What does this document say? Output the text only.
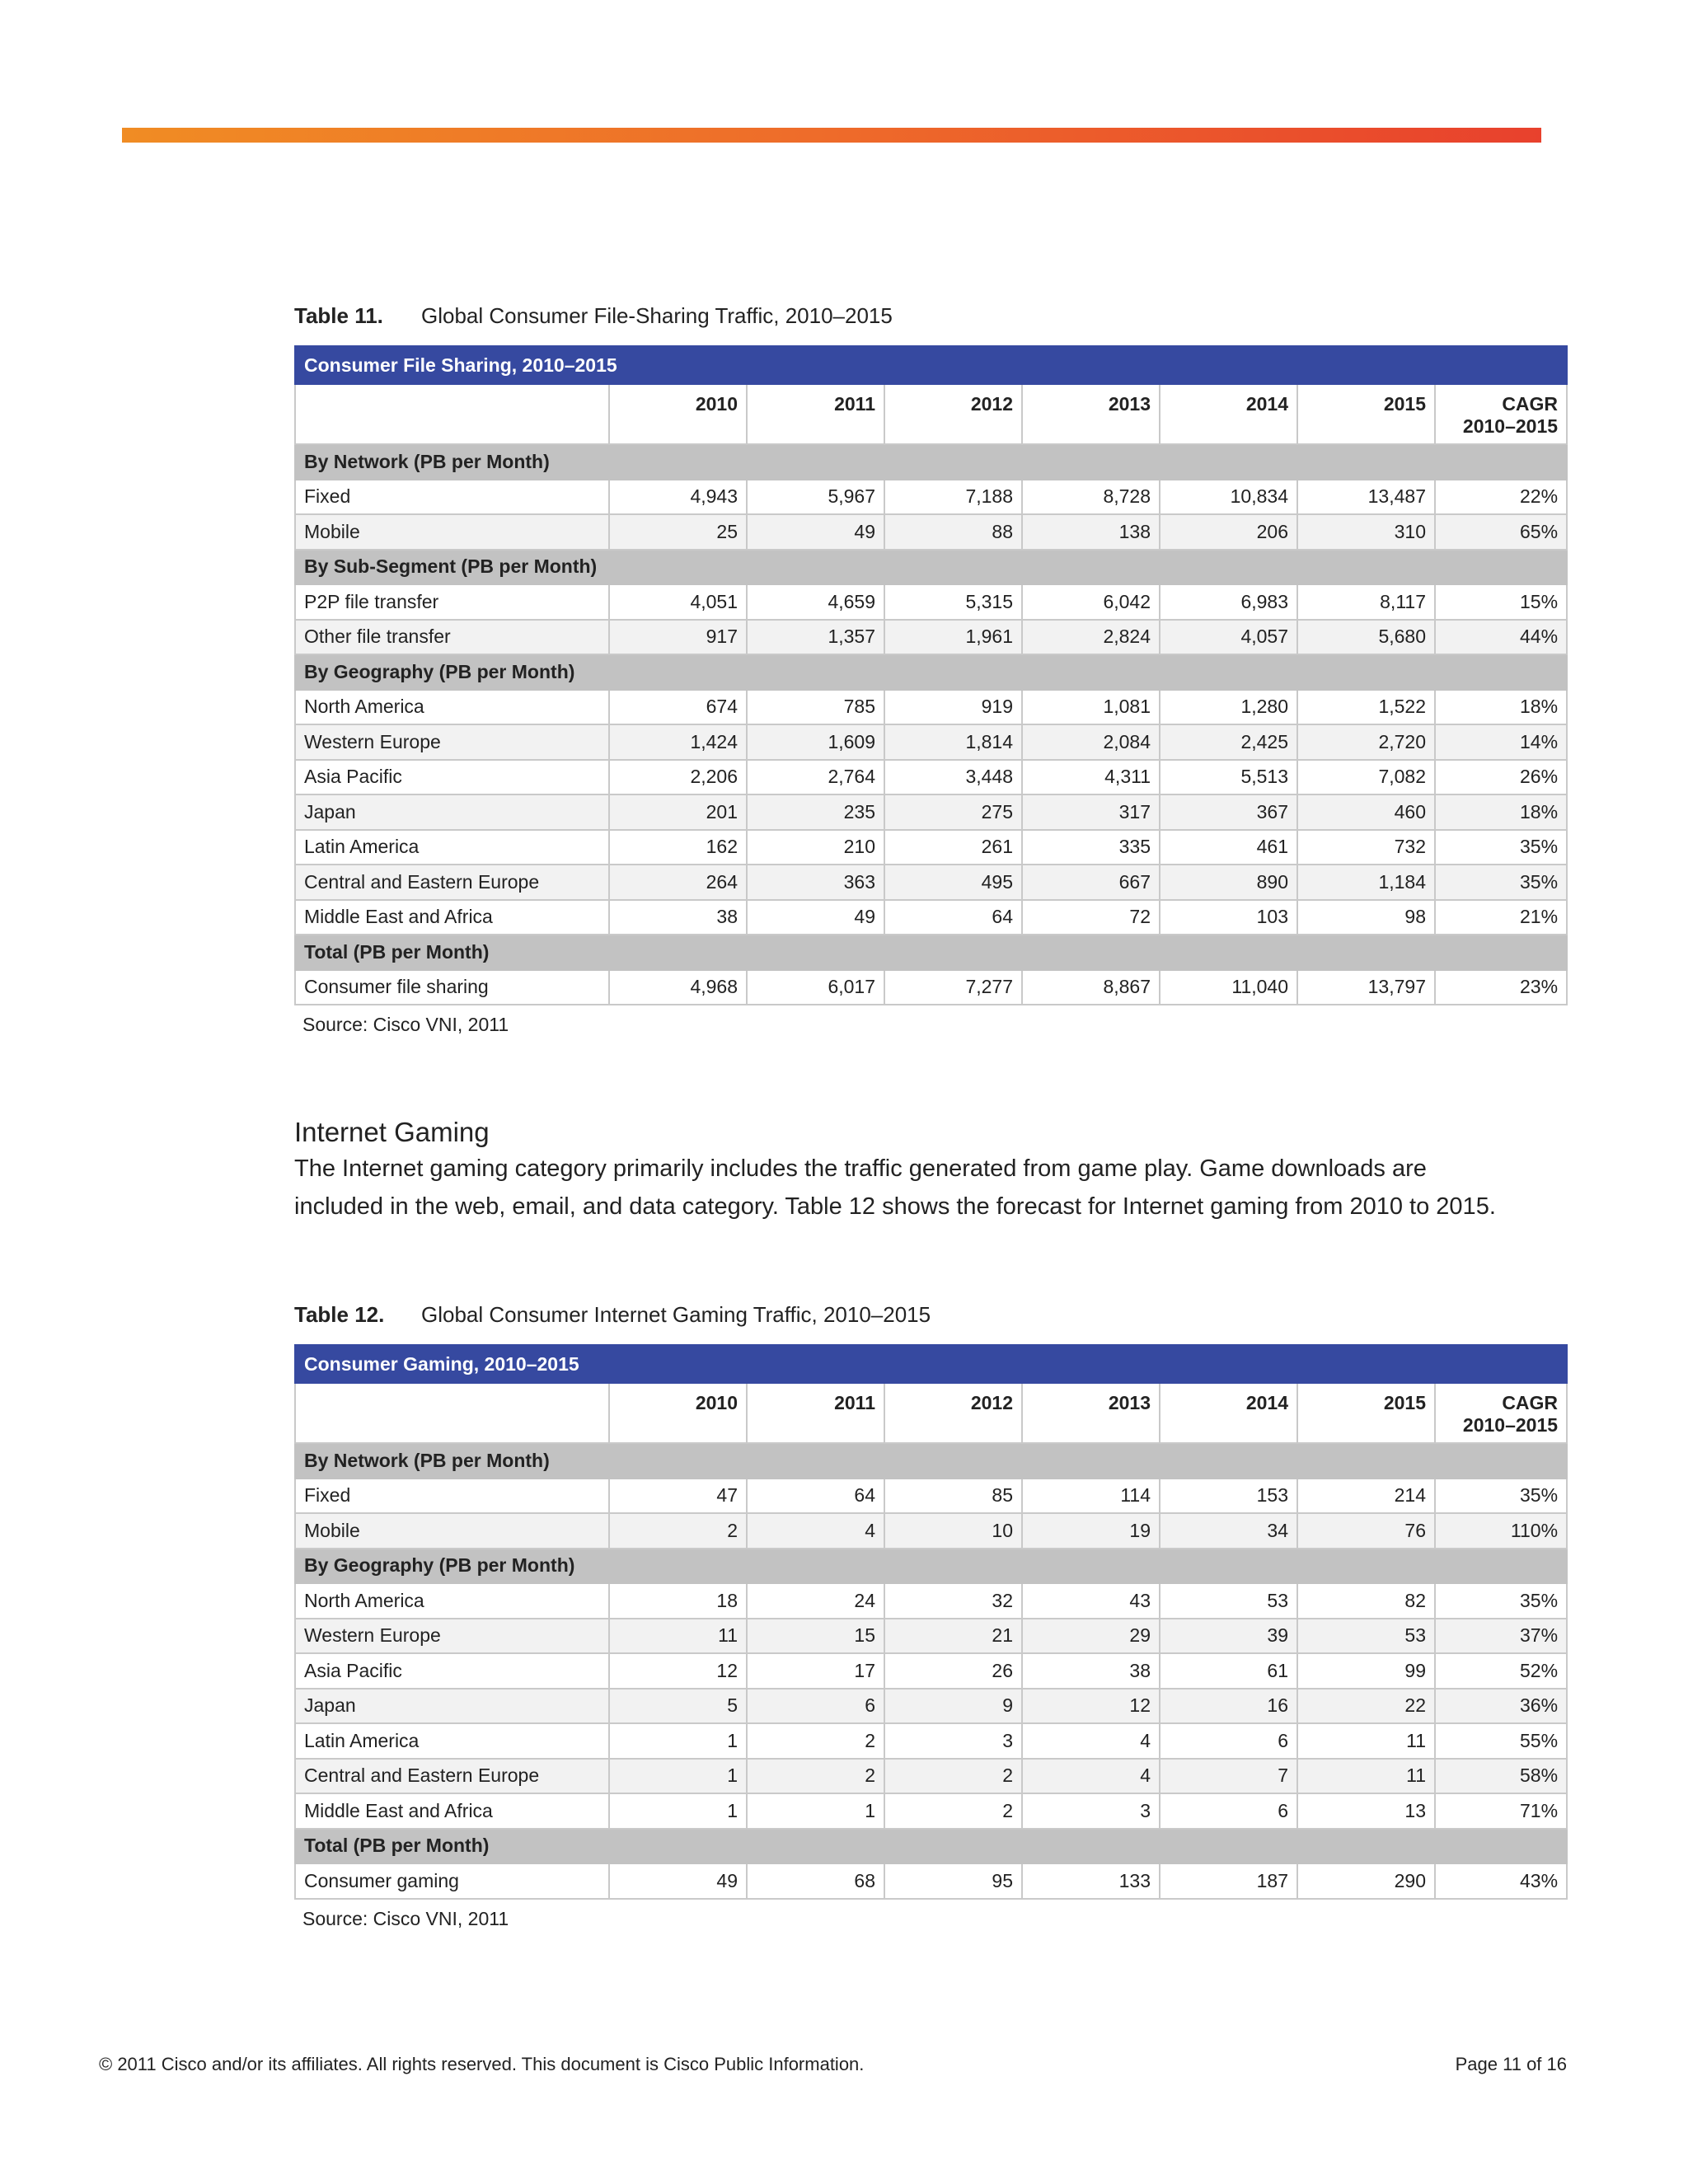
Table 11.	Global Consumer File-Sharing Traffic, 2010–2015
Consumer File Sharing, 2010–2015							
	2010	2011	2012	2013	2014	2015	CAGR
2010–2015
By Network (PB per Month)							
Fixed	4,943	5,967	7,188	8,728	10,834	13,487	22%
Mobile	25	49	88	138	206	310	65%
By Sub-Segment (PB per Month)							
P2P file transfer	4,051	4,659	5,315	6,042	6,983	8,117	15%
Other file transfer	917	1,357	1,961	2,824	4,057	5,680	44%
By Geography (PB per Month)							
North America	674	785	919	1,081	1,280	1,522	18%
Western Europe	1,424	1,609	1,814	2,084	2,425	2,720	14%
Asia Pacific	2,206	2,764	3,448	4,311	5,513	7,082	26%
Japan	201	235	275	317	367	460	18%
Latin America	162	210	261	335	461	732	35%
Central and Eastern Europe	264	363	495	667	890	1,184	35%
Middle East and Africa	38	49	64	72	103	98	21%
Total (PB per Month)							
Consumer file sharing	4,968	6,017	7,277	8,867	11,040	13,797	23%
Source: Cisco VNI, 2011
Internet Gaming
The Internet gaming category primarily includes the traffic generated from game play. Game downloads are included in the web, email, and data category. Table 12 shows the forecast for Internet gaming from 2010 to 2015.
Table 12.	Global Consumer Internet Gaming Traffic, 2010–2015
Consumer Gaming, 2010–2015							
	2010	2011	2012	2013	2014	2015	CAGR
2010–2015
By Network (PB per Month)							
Fixed	47	64	85	114	153	214	35%
Mobile	2	4	10	19	34	76	110%
By Geography (PB per Month)							
North America	18	24	32	43	53	82	35%
Western Europe	11	15	21	29	39	53	37%
Asia Pacific	12	17	26	38	61	99	52%
Japan	5	6	9	12	16	22	36%
Latin America	1	2	3	4	6	11	55%
Central and Eastern Europe	1	2	2	4	7	11	58%
Middle East and Africa	1	1	2	3	6	13	71%
Total (PB per Month)							
Consumer gaming	49	68	95	133	187	290	43%
Source: Cisco VNI, 2011
© 2011 Cisco and/or its affiliates. All rights reserved. This document is Cisco Public Information.	Page 11 of 16
